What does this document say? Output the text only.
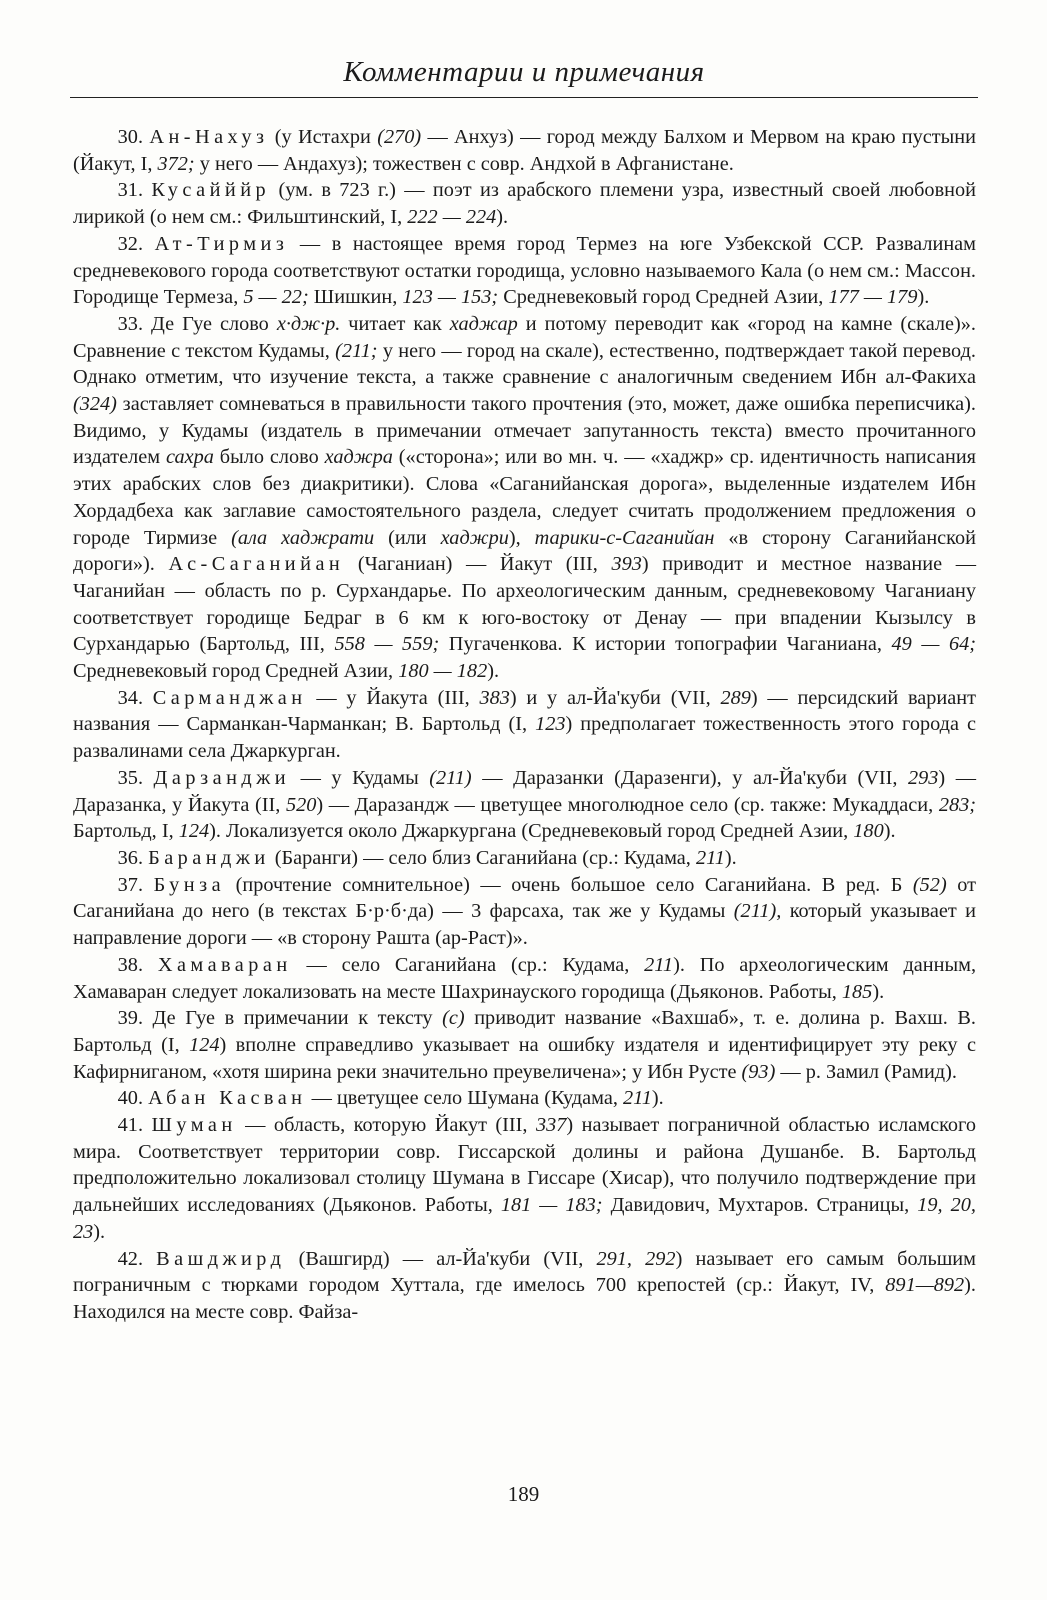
Комментарии и примечания

30. Ан-Нахуз (у Истахри (270) — Анхуз) — город между Балхом и Мервом на краю пустыни (Йакут, I, 372; у него — Андахуз); тожествен с совр. Андхой в Афганистане.

31. Кусайййр (ум. в 723 г.) — поэт из арабского племени узра, известный своей любовной лирикой (о нем см.: Фильштинский, I, 222 — 224).

32. Ат-Тирмиз — в настоящее время город Термез на юге Узбекской ССР. Развалинам средневекового города соответствуют остатки городища, условно называемого Кала (о нем см.: Массон. Городище Термеза, 5 — 22; Шишкин, 123 — 153; Средневековый город Средней Азии, 177 — 179).

33. Де Гуе слово х·дж·р. читает как хаджар и потому переводит как «город на камне (скале)». Сравнение с текстом Кудамы, (211; у него — город на скале), естественно, подтверждает такой перевод. Однако отметим, что изучение текста, а также сравнение с аналогичным сведением Ибн ал-Факиха (324) заставляет сомневаться в правильности такого прочтения (это, может, даже ошибка переписчика). Видимо, у Кудамы (издатель в примечании отмечает запутанность текста) вместо прочитанного издателем сахра было слово хаджра («сторона»; или во мн. ч. — «хаджр» ср. идентичность написания этих арабских слов без диакритики). Слова «Саганийанская дорога», выделенные издателем Ибн Хордадбеха как заглавие самостоятельного раздела, следует считать продолжением предложения о городе Тирмизе (ала хаджрати (или хаджри), тарики-с-Саганийан «в сторону Саганийанской дороги»). Ас-Саганийан (Чаганиан) — Йакут (III, 393) приводит и местное название — Чаганийан — область по р. Сурхандарье. По археологическим данным, средневековому Чаганиану соответствует городище Бедраг в 6 км к юго-востоку от Денау — при впадении Кызылсу в Сурхандарью (Бартольд, III, 558 — 559; Пугаченкова. К истории топографии Чаганиана, 49 — 64; Средневековый город Средней Азии, 180 — 182).

34. Сарманджан — у Йакута (III, 383) и у ал-Йа'куби (VII, 289) — персидский вариант названия — Сарманкан-Чарманкан; В. Бартольд (I, 123) предполагает тожественность этого города с развалинами села Джаркурган.

35. Дарзанджи — у Кудамы (211) — Даразанки (Даразенги), у ал-Йа'куби (VII, 293) — Даразанка, у Йакута (II, 520) — Даразандж — цветущее многолюдное село (ср. также: Мукаддаси, 283; Бартольд, I, 124). Локализуется около Джаркургана (Средневековый город Средней Азии, 180).

36. Баранджи (Баранги) — село близ Саганийана (ср.: Кудама, 211).

37. Бунза (прочтение сомнительное) — очень большое село Саганийана. В ред. Б (52) от Саганийана до него (в текстах Б·р·б·да) — 3 фарсаха, так же у Кудамы (211), который указывает и направление дороги — «в сторону Рашта (ар-Раст)».

38. Хамаваран — село Саганийана (ср.: Кудама, 211). По археологическим данным, Хамаваран следует локализовать на месте Шахринауского городища (Дьяконов. Работы, 185).

39. Де Гуе в примечании к тексту (с) приводит название «Вахшаб», т. е. долина р. Вахш. В. Бартольд (I, 124) вполне справедливо указывает на ошибку издателя и идентифицирует эту реку с Кафирниганом, «хотя ширина реки значительно преувеличена»; у Ибн Русте (93) — р. Замил (Рамид).

40. Абан Касван — цветущее село Шумана (Кудама, 211).

41. Шуман — область, которую Йакут (III, 337) называет пограничной областью исламского мира. Соответствует территории совр. Гиссарской долины и района Душанбе. В. Бартольд предположительно локализовал столицу Шумана в Гиссаре (Хисар), что получило подтверждение при дальнейших исследованиях (Дьяконов. Работы, 181 — 183; Давидович, Мухтаров. Страницы, 19, 20, 23).

42. Вашджирд (Вашгирд) — ал-Йа'куби (VII, 291, 292) называет его самым большим пограничным с тюрками городом Хуттала, где имелось 700 крепостей (ср.: Йакут, IV, 891—892). Находился на месте совр. Файза-

189
